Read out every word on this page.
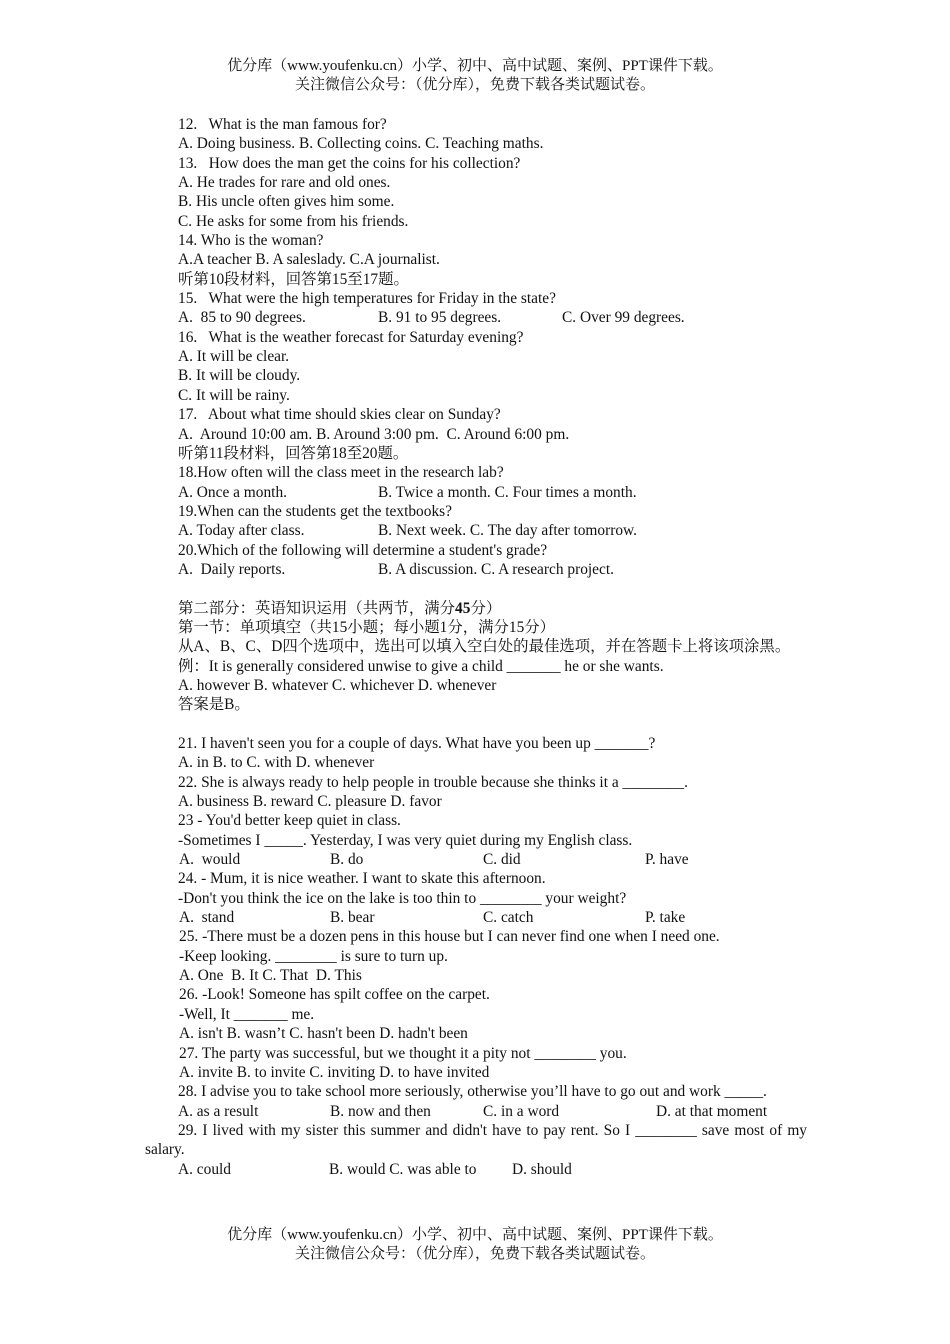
优分库（www.youfenku.cn）小学、初中、高中试题、案例、PPT课件下载。
关注微信公众号：（优分库），免费下载各类试题试卷。
12.   What is the man famous for?
A. Doing business. B. Collecting coins. C. Teaching maths.
13.   How does the man get the coins for his collection?
A. He trades for rare and old ones.
B. His uncle often gives him some.
C. He asks for some from his friends.
14. Who is the woman?
A.A teacher B. A saleslady. C.A journalist.
听第10段材料，回答第15至17题。
15.   What were the high temperatures for Friday in the state?

A.  85 to 90 degrees.

	B. 91 to 95 degrees.

	C. Over 99 degrees.

16.   What is the weather forecast for Saturday evening?
A. It will be clear.
B. It will be cloudy.
C. It will be rainy.
17.   About what time should skies clear on Sunday?
A.  Around 10:00 am. B. Around 3:00 pm.  C. Around 6:00 pm.
听第11段材料，回答第18至20题。
18.How often will the class meet in the research lab?

A. Once a month.

	B. Twice a month. C. Four times a month.

19.When can the students get the textbooks?

A. Today after class.

	B. Next week. C. The day after tomorrow.

20.Which of the following will determine a student's grade?

A.  Daily reports.

	B. A discussion. C. A research project.

第二部分：英语知识运用（共两节，满分45分）
第一节：单项填空（共15小题；每小题1分，满分15分）
从A、B、C、D四个选项中，选出可以填入空白处的最佳选项，并在答题卡上将该项涂黑。
例：It is generally considered unwise to give a child _______ he or she wants.
A. however B. whatever C. whichever D. whenever
答案是B。
21. I haven't seen you for a couple of days. What have you been up _______?
A. in B. to C. with D. whenever
22. She is always ready to help people in trouble because she thinks it a ________.
A. business B. reward C. pleasure D. favor
23 - You'd better keep quiet in class.
-Sometimes I _____. Yesterday, I was very quiet during my English class.

A.  would

	B. do

	C. did

	P. have

24. - Mum, it is nice weather. I want to skate this afternoon.
-Don't you think the ice on the lake is too thin to ________ your weight?

A.  stand

	B. bear

	C. catch

	P. take

25. -There must be a dozen pens in this house but I can never find one when I need one.
-Keep looking. ________ is sure to turn up.
A. One  B. It C. That  D. This
26. -Look! Someone has spilt coffee on the carpet.
-Well, It _______ me.
A. isn't B. wasn’t C. hasn't been D. hadn't been
27. The party was successful, but we thought it a pity not ________ you.
A. invite B. to invite C. inviting D. to have invited
28. I advise you to take school more seriously, otherwise you’ll have to go out and work _____.

A. as a result

	B. now and then

	C. in a word

	D. at that moment

29. I lived with my sister this summer and didn't have to pay rent. So I ________ save most of my salary.

A. could

	B. would C. was able to

D. should

优分库（www.youfenku.cn）小学、初中、高中试题、案例、PPT课件下载。
关注微信公众号：（优分库），免费下载各类试题试卷。
